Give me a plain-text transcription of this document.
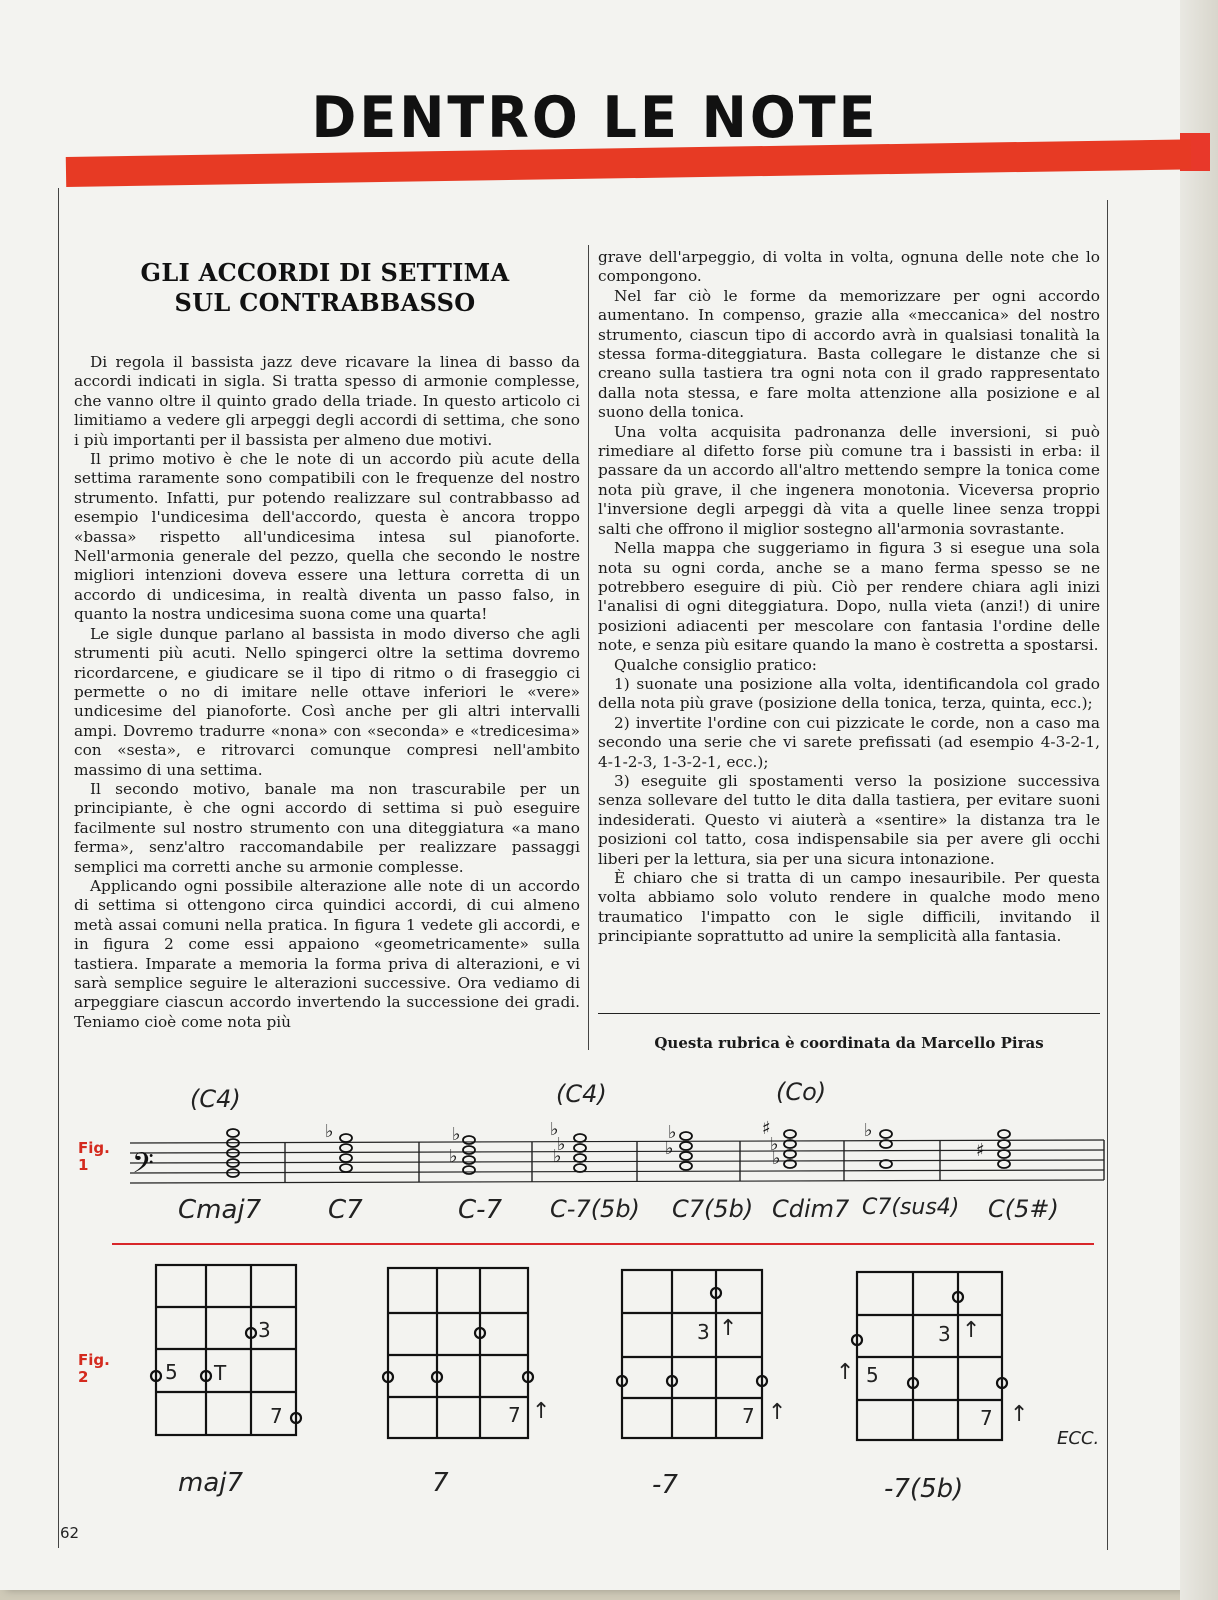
DENTRO LE NOTE
GLI ACCORDI DI SETTIMA
SUL CONTRABBASSO

Di regola il bassista jazz deve ricavare la linea di basso da accordi indicati in sigla. Si tratta spesso di armonie complesse, che vanno oltre il quinto grado della triade. In questo articolo ci limitiamo a vedere gli arpeggi degli accordi di settima, che sono i più importanti per il bassista per almeno due motivi.

Il primo motivo è che le note di un accordo più acute della settima raramente sono compatibili con le frequenze del nostro strumento. Infatti, pur potendo realizzare sul contrabbasso ad esempio l'undicesima dell'accordo, questa è ancora troppo «bassa» rispetto all'undicesima intesa sul pianoforte. Nell'armonia generale del pezzo, quella che secondo le nostre migliori intenzioni doveva essere una lettura corretta di un accordo di undicesima, in realtà diventa un passo falso, in quanto la nostra undicesima suona come una quarta!

Le sigle dunque parlano al bassista in modo diverso che agli strumenti più acuti. Nello spingerci oltre la settima dovremo ricordarcene, e giudicare se il tipo di ritmo o di fraseggio ci permette o no di imitare nelle ottave inferiori le «vere» undicesime del pianoforte. Così anche per gli altri intervalli ampi. Dovremo tradurre «nona» con «seconda» e «tredicesima» con «sesta», e ritrovarci comunque compresi nell'ambito massimo di una settima.

Il secondo motivo, banale ma non trascurabile per un principiante, è che ogni accordo di settima si può eseguire facilmente sul nostro strumento con una diteggiatura «a mano ferma», senz'altro raccomandabile per realizzare passaggi semplici ma corretti anche su armonie complesse.

Applicando ogni possibile alterazione alle note di un accordo di settima si ottengono circa quindici accordi, di cui almeno metà assai comuni nella pratica. In figura 1 vedete gli accordi, e in figura 2 come essi appaiono «geometricamente» sulla tastiera. Imparate a memoria la forma priva di alterazioni, e vi sarà semplice seguire le alterazioni successive. Ora vediamo di arpeggiare ciascun accordo invertendo la successione dei gradi. Teniamo cioè come nota più

grave dell'arpeggio, di volta in volta, ognuna delle note che lo compongono.

Nel far ciò le forme da memorizzare per ogni accordo aumentano. In compenso, grazie alla «meccanica» del nostro strumento, ciascun tipo di accordo avrà in qualsiasi tonalità la stessa forma-diteggiatura. Basta collegare le distanze che si creano sulla tastiera tra ogni nota con il grado rappresentato dalla nota stessa, e fare molta attenzione alla posizione e al suono della tonica.

Una volta acquisita padronanza delle inversioni, si può rimediare al difetto forse più comune tra i bassisti in erba: il passare da un accordo all'altro mettendo sempre la tonica come nota più grave, il che ingenera monotonia. Viceversa proprio l'inversione degli arpeggi dà vita a quelle linee senza troppi salti che offrono il miglior sostegno all'armonia sovrastante.

Nella mappa che suggeriamo in figura 3 si esegue una sola nota su ogni corda, anche se a mano ferma spesso se ne potrebbero eseguire di più. Ciò per rendere chiara agli inizi l'analisi di ogni diteggiatura. Dopo, nulla vieta (anzi!) di unire posizioni adiacenti per mescolare con fantasia l'ordine delle note, e senza più esitare quando la mano è costretta a spostarsi.

Qualche consiglio pratico:

1) suonate una posizione alla volta, identificandola col grado della nota più grave (posizione della tonica, terza, quinta, ecc.);

2) invertite l'ordine con cui pizzicate le corde, non a caso ma secondo una serie che vi sarete prefissati (ad esempio 4-3-2-1, 4-1-2-3, 1-3-2-1, ecc.);

3) eseguite gli spostamenti verso la posizione successiva senza sollevare del tutto le dita dalla tastiera, per evitare suoni indesiderati. Questo vi aiuterà a «sentire» la distanza tra le posizioni col tatto, cosa indispensabile sia per avere gli occhi liberi per la lettura, sia per una sicura intonazione.

È chiaro che si tratta di un campo inesauribile. Per questa volta abbiamo solo voluto rendere in qualche modo meno traumatico l'impatto con le sigle difficili, invitando il principiante soprattutto ad unire la semplicità alla fantasia.

Questa rubrica è coordinata da Marcello Piras
Fig.
1
(C4)	(C4)	(Co)
𝄢
♭	♭
♭
♭
♭
♭
♭
♭
♯
♭
♭
♭
♯
Cmaj7	C7	C-7 C-7(5b) C7(5b) Cdim7 C7(sus4) C(5#)
Fig.
2
3
5 T
7	7 ↑
3 ↑
7 ↑
3 ↑
↑ 5
7 ↑
ECC.
maj7	7	-7	-7(5b)
62
